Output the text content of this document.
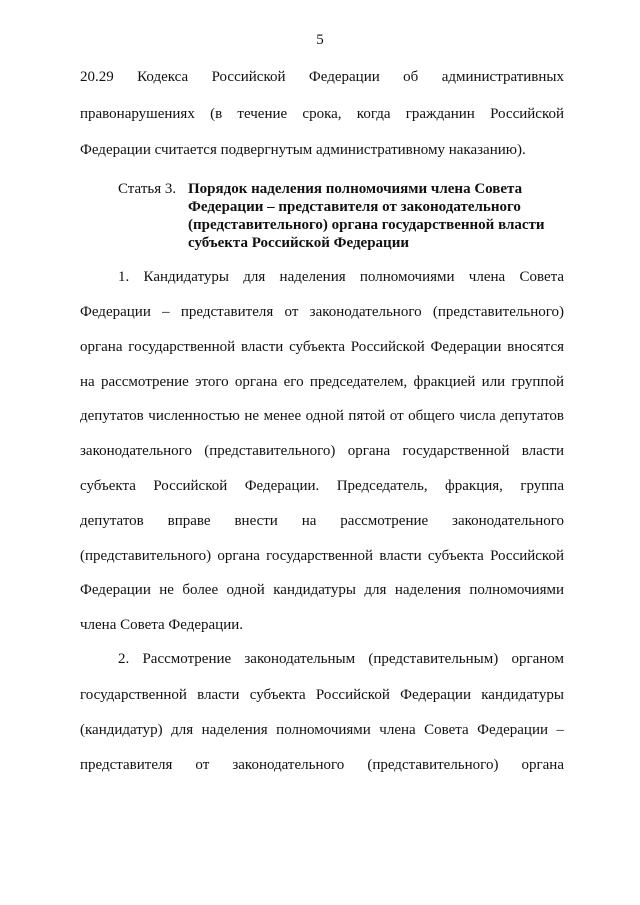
5
20.29 Кодекса Российской Федерации об административных
правонарушениях (в течение срока, когда гражданин Российской
Федерации считается подвергнутым административному наказанию).
Статья 3. Порядок наделения полномочиями члена Совета
Федерации – представителя от законодательного
(представительного) органа государственной власти
субъекта Российской Федерации
1. Кандидатуры для наделения полномочиями члена Совета
Федерации – представителя от законодательного (представительного)
органа государственной власти субъекта Российской Федерации вносятся
на рассмотрение этого органа его председателем, фракцией или группой
депутатов численностью не менее одной пятой от общего числа депутатов
законодательного (представительного) органа государственной власти
субъекта Российской Федерации. Председатель, фракция, группа
депутатов вправе внести на рассмотрение законодательного
(представительного) органа государственной власти субъекта Российской
Федерации не более одной кандидатуры для наделения полномочиями
члена Совета Федерации.
2. Рассмотрение законодательным (представительным) органом
государственной власти субъекта Российской Федерации кандидатуры
(кандидатур) для наделения полномочиями члена Совета Федерации –
представителя от законодательного (представительного) органа
